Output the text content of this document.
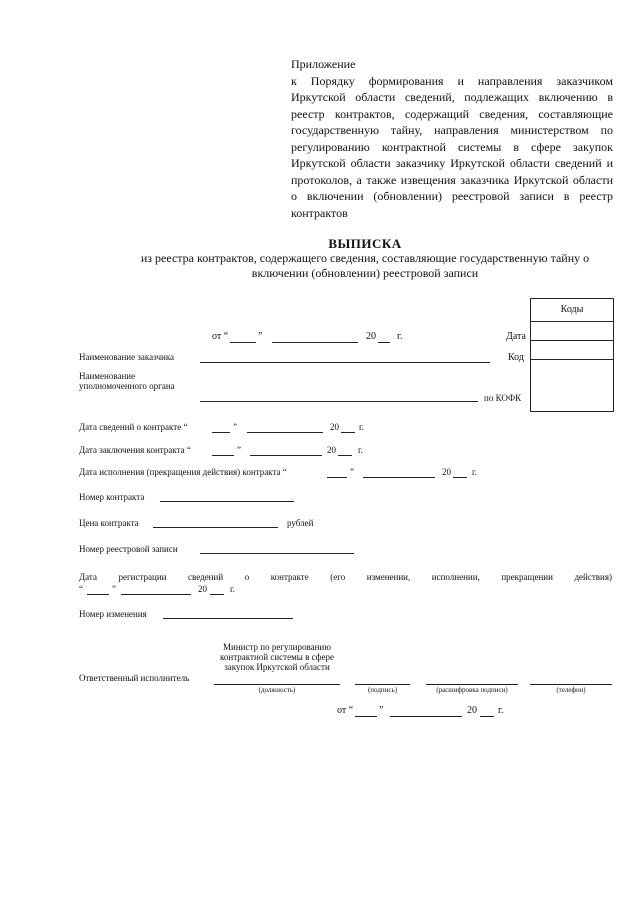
Приложение
к Порядку формирования и направления заказчиком Иркутской области сведений, подлежащих включению в реестр контрактов, содержащий сведения, составляющие государственную тайну, направления министерством по регулированию контрактной системы в сфере закупок Иркутской области заказчику Иркутской области сведений и протоколов, а также извещения заказчика Иркутской области о включении (обновлении) реестровой записи в реестр контрактов
ВЫПИСКА
из реестра контрактов, содержащего сведения, составляющие государственную тайну о включении (обновлении) реестровой записи
Коды
от “	”	20 г.	Дата
Наименование заказчика	Код
Наименование
уполномоченного органа
по КОФК
Дата сведений о контракте “	”	20 г.
Дата заключения контракта “	”	20 г.
Дата исполнения (прекращения действия) контракта “	”	20 г.
Номер контракта
Цена контракта	рублей
Номер реестровой записи
Дата регистрации сведений о контракте (его изменении, исполнении, прекращении действия)
“	”	20	г.
Номер изменения
Ответственный исполнитель
Министр по регулированию контрактной системы в сфере закупок Иркутской области
(должность)	(подпись)	(расшифровка подписи)	(телефон)
от “	”	20 г.
